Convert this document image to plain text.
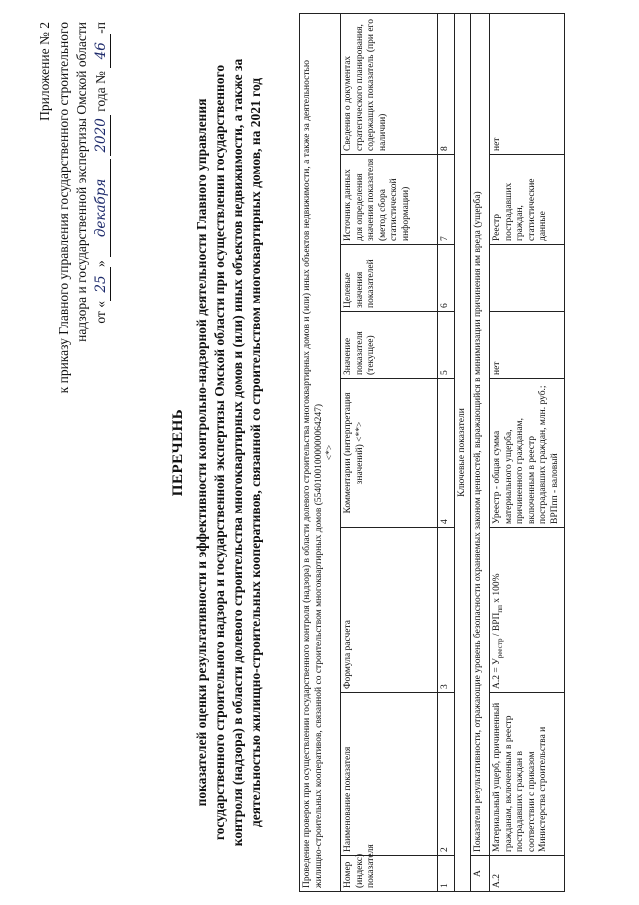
Приложение № 2 к приказу Главного управления государственного строительного надзора и государственной экспертизы Омской области от «25» декабря 2020 года № 46-п
ПЕРЕЧЕНЬ показателей оценки результативности и эффективности контрольно-надзорной деятельности Главного управления государственного строительного надзора и государственной экспертизы Омской области при осуществлении государственного контроля (надзора) в области долевого строительства многоквартирных домов и (или) иных объектов недвижимости, а также за деятельностью жилищно-строительных кооперативов, связанной со строительством многоквартирных домов, на 2021 год	Проведение проверок при осуществлении государственного контроля (надзора) в области долевого строительства многоквартирных домов и (или) иных объектов недвижимости, а также за деятельностью жилищно-строительных кооперативов, связанной со строительством многоквартирных домов (55401001000000064247) <*>							

Номер (индекс) показателя	Наименование показателя	Формула расчета	Комментарии (интерпретация значений) <**>	Значение показателя (текущее)	Целевые значения показателей	Источник данных для определения значения показателя (метод сбора статистической информации)	Сведения о документах стратегического планирования, содержащих показатель (при его наличии)
1	2	3	4	5	6	7	8
Ключевые показатели							
А	Показатели результативности, отражающие уровень безопасности охраняемых законом ценностей, выражающийся в минимизации причинения им вреда (ущерба)						
А.2	Материальный ущерб, причиненный гражданам, включенным в реестр пострадавших граждан в соответствии с приказом Министерства строительства и	$А.2 = У_{реестр} / ВРП_{пп}$ х 100%	Уреестр - общая сумма материального ущерба, причиненного гражданам, включенным в реестр пострадавших граждан, млн. руб.; ВРПпп - валовый	нет		Реестр пострадавших граждан, статистические данные	нет
